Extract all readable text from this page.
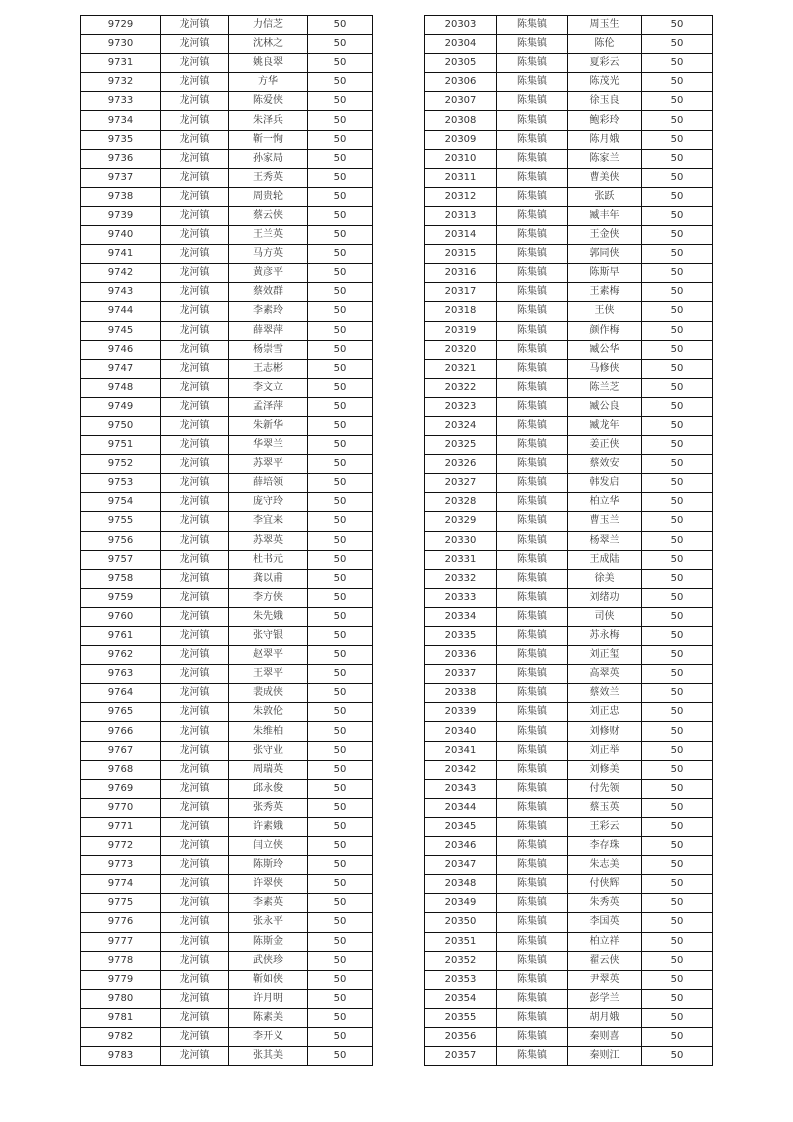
9729	龙河镇	力信芝	50
9730	龙河镇	沈林之	50
9731	龙河镇	姚良翠	50
9732	龙河镇	方华	50
9733	龙河镇	陈爱侠	50
9734	龙河镇	朱泽兵	50
9735	龙河镇	靳一恂	50
9736	龙河镇	孙家局	50
9737	龙河镇	王秀英	50
9738	龙河镇	周贵轮	50
9739	龙河镇	蔡云侠	50
9740	龙河镇	王兰英	50
9741	龙河镇	马方英	50
9742	龙河镇	黄彦平	50
9743	龙河镇	蔡效群	50
9744	龙河镇	李素玲	50
9745	龙河镇	薛翠萍	50
9746	龙河镇	杨崇雪	50
9747	龙河镇	王志彬	50
9748	龙河镇	李文立	50
9749	龙河镇	孟泽萍	50
9750	龙河镇	朱新华	50
9751	龙河镇	华翠兰	50
9752	龙河镇	苏翠平	50
9753	龙河镇	薛培领	50
9754	龙河镇	庞守玲	50
9755	龙河镇	李宜来	50
9756	龙河镇	苏翠英	50
9757	龙河镇	杜书元	50
9758	龙河镇	龚以甫	50
9759	龙河镇	李方侠	50
9760	龙河镇	朱先娥	50
9761	龙河镇	张守银	50
9762	龙河镇	赵翠平	50
9763	龙河镇	王翠平	50
9764	龙河镇	裴成侠	50
9765	龙河镇	朱敦伦	50
9766	龙河镇	朱维柏	50
9767	龙河镇	张守业	50
9768	龙河镇	周瑞英	50
9769	龙河镇	邱永俊	50
9770	龙河镇	张秀英	50
9771	龙河镇	许素娥	50
9772	龙河镇	闫立侠	50
9773	龙河镇	陈斯玲	50
9774	龙河镇	许翠侠	50
9775	龙河镇	李素英	50
9776	龙河镇	张永平	50
9777	龙河镇	陈斯金	50
9778	龙河镇	武侠珍	50
9779	龙河镇	靳如侠	50
9780	龙河镇	许月明	50
9781	龙河镇	陈素美	50
9782	龙河镇	李开义	50
9783	龙河镇	张其美	50
20303	陈集镇	周玉生	50
20304	陈集镇	陈伦	50
20305	陈集镇	夏彩云	50
20306	陈集镇	陈茂光	50
20307	陈集镇	徐玉良	50
20308	陈集镇	鲍彩玲	50
20309	陈集镇	陈月娥	50
20310	陈集镇	陈家兰	50
20311	陈集镇	曹美侠	50
20312	陈集镇	张跃	50
20313	陈集镇	臧丰年	50
20314	陈集镇	王金侠	50
20315	陈集镇	郭同侠	50
20316	陈集镇	陈斯早	50
20317	陈集镇	王素梅	50
20318	陈集镇	王侠	50
20319	陈集镇	颜作梅	50
20320	陈集镇	臧公华	50
20321	陈集镇	马修侠	50
20322	陈集镇	陈兰芝	50
20323	陈集镇	臧公良	50
20324	陈集镇	臧龙年	50
20325	陈集镇	姜正侠	50
20326	陈集镇	蔡效安	50
20327	陈集镇	韩发启	50
20328	陈集镇	柏立华	50
20329	陈集镇	曹玉兰	50
20330	陈集镇	杨翠兰	50
20331	陈集镇	王成陆	50
20332	陈集镇	徐美	50
20333	陈集镇	刘绪功	50
20334	陈集镇	司侠	50
20335	陈集镇	苏永梅	50
20336	陈集镇	刘正玺	50
20337	陈集镇	高翠英	50
20338	陈集镇	蔡效兰	50
20339	陈集镇	刘正忠	50
20340	陈集镇	刘修财	50
20341	陈集镇	刘正举	50
20342	陈集镇	刘修美	50
20343	陈集镇	付先领	50
20344	陈集镇	蔡玉英	50
20345	陈集镇	王彩云	50
20346	陈集镇	李存珠	50
20347	陈集镇	朱志美	50
20348	陈集镇	付侠辉	50
20349	陈集镇	朱秀英	50
20350	陈集镇	李国英	50
20351	陈集镇	柏立祥	50
20352	陈集镇	翟云侠	50
20353	陈集镇	尹翠英	50
20354	陈集镇	彭学兰	50
20355	陈集镇	胡月娥	50
20356	陈集镇	秦则喜	50
20357	陈集镇	秦则江	50
